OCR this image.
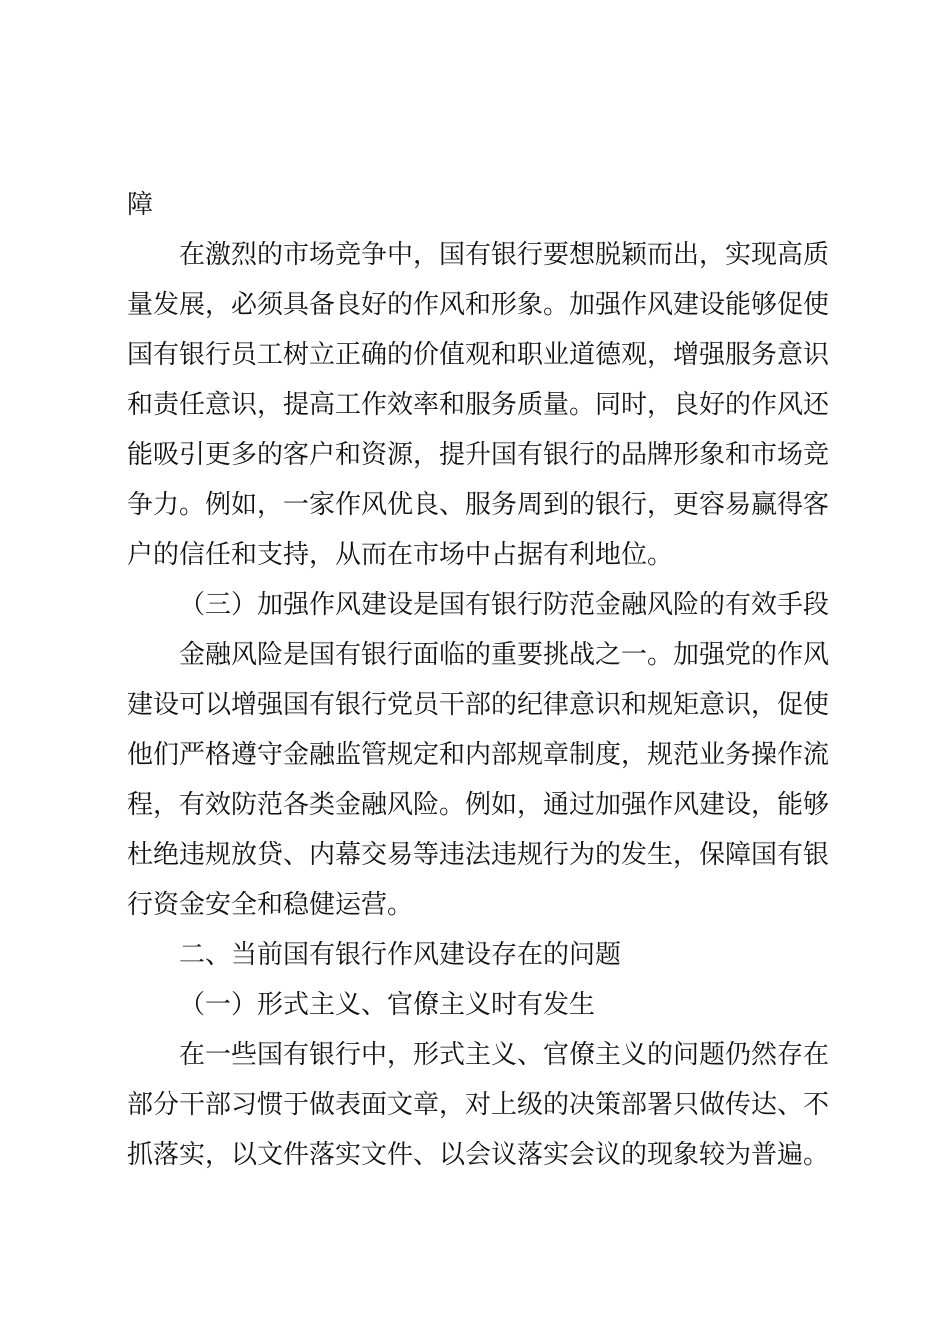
障
在激烈的市场竞争中，国有银行要想脱颖而出，实现高质
量发展，必须具备良好的作风和形象。加强作风建设能够促使
国有银行员工树立正确的价值观和职业道德观，增强服务意识
和责任意识，提高工作效率和服务质量。同时，良好的作风还
能吸引更多的客户和资源，提升国有银行的品牌形象和市场竞
争力。例如，一家作风优良、服务周到的银行，更容易赢得客
户的信任和支持，从而在市场中占据有利地位。
（三）加强作风建设是国有银行防范金融风险的有效手段
金融风险是国有银行面临的重要挑战之一。加强党的作风
建设可以增强国有银行党员干部的纪律意识和规矩意识，促使
他们严格遵守金融监管规定和内部规章制度，规范业务操作流
程，有效防范各类金融风险。例如，通过加强作风建设，能够
杜绝违规放贷、内幕交易等违法违规行为的发生，保障国有银
行资金安全和稳健运营。
二、当前国有银行作风建设存在的问题
（一）形式主义、官僚主义时有发生
在一些国有银行中，形式主义、官僚主义的问题仍然存在
部分干部习惯于做表面文章，对上级的决策部署只做传达、不
抓落实，以文件落实文件、以会议落实会议的现象较为普遍。
